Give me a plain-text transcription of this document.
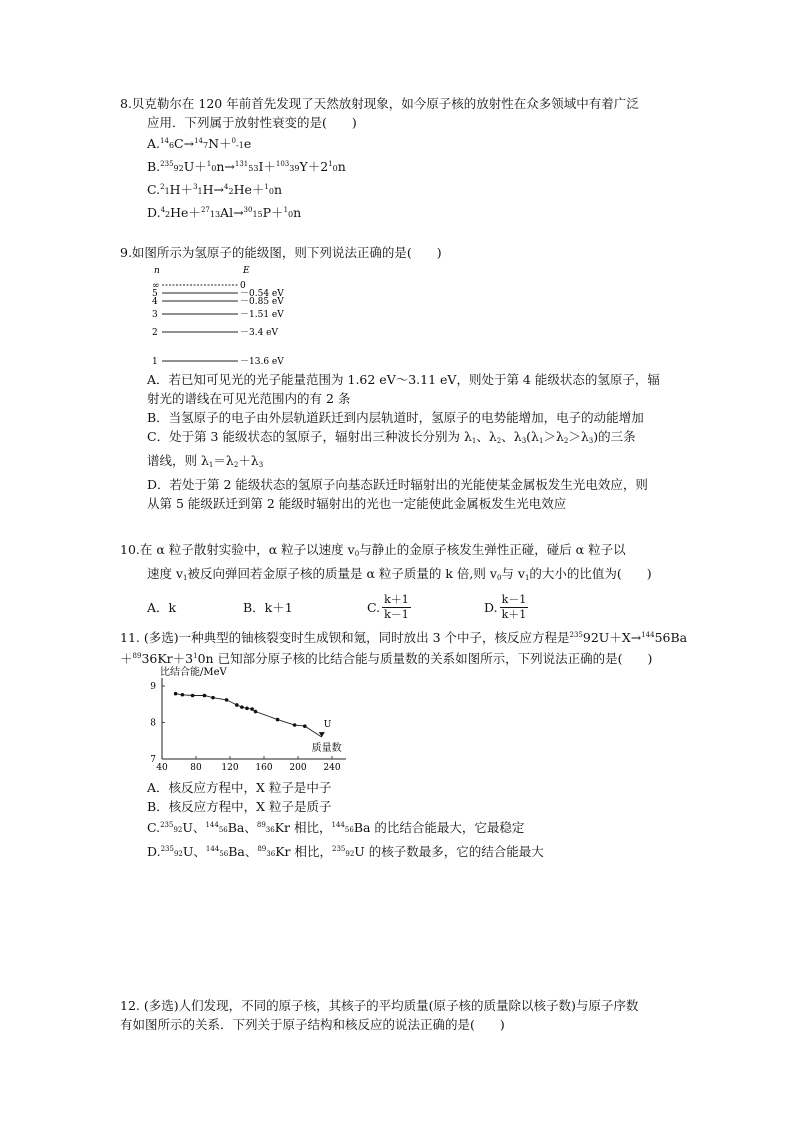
8.贝克勒尔在 120 年前首先发现了天然放射现象，如今原子核的放射性在众多领域中有着广泛
应用．下列属于放射性衰变的是(　　)
A.$^{14}$6C→$^{14}$7N＋$^0$-1e
$B.^{235}92U+^10n\to^{131}53I+^{103}39Y+2^10n$
C.$^2$1H＋$^3$1H→$^4$2He＋$^1$0n
D.$^4$2He＋$^{27}$13Al→$^{30}$15P＋$^1$0n
9.如图所示为氢原子的能级图，则下列说法正确的是(　　)
n	E
∞	0
5	－0.54 eV
4	－0.85 eV
3	－1.51 eV
2	－3.4 eV
1	－13.6 eV
A．若已知可见光的光子能量范围为 1.62 eV～3.11 eV，则处于第 4 能级状态的氢原子，辐
射光的谱线在可见光范围内的有 2 条
B．当氢原子的电子由外层轨道跃迁到内层轨道时，氢原子的电势能增加，电子的动能增加
C．处于第 3 能级状态的氢原子，辐射出三种波长分别为 $\lambda_1$、$\lambda_2$、$\lambda_3(\lambda_1>\lambda_2>\lambda_3)$的三条
谱线，则 $\lambda_1=\lambda_2+\lambda_3$
D．若处于第 2 能级状态的氢原子向基态跃迁时辐射出的光能使某金属板发生光电效应，则
从第 5 能级跃迁到第 2 能级时辐射出的光也一定能使此金属板发生光电效应
10.在 α 粒子散射实验中，α 粒子以速度 $v_0$与静止的金原子核发生弹性正碰，碰后 α 粒子以
速度 $v_1$被反向弹回若金原子核的质量是 α 粒子质量的 k 倍,则 $v_0$与 $v_1$的大小的比值为(　　)
A．k	B．k＋1	C. $\frac{k+1}{k-1}$	D. $\frac{k-1}{k+1}$
11. (多选)一种典型的铀核裂变时生成钡和氪，同时放出 3 个中子，核反应方程是$^{235}$92U＋X→$^{144}$56Ba
$+^{89}36Kr+3^10n$ 已知部分原子核的比结合能与质量数的关系如图所示，下列说法正确的是(　　)
比结合能/MeV
40	80 120 160 200 240
7
8
9
U
质量数
A．核反应方程中，X 粒子是中子
B．核反应方程中，X 粒子是质子
C.$^{235}$92U、$^{144}$56Ba、$^{89}$36Kr 相比，$^{144}$56Ba 的比结合能最大，它最稳定
D.$^{235}$92U、$^{144}$56Ba、$^{89}$36Kr 相比，$^{235}$92U 的核子数最多，它的结合能最大
12. (多选)人们发现，不同的原子核，其核子的平均质量(原子核的质量除以核子数)与原子序数
有如图所示的关系．下列关于原子结构和核反应的说法正确的是(　　)
